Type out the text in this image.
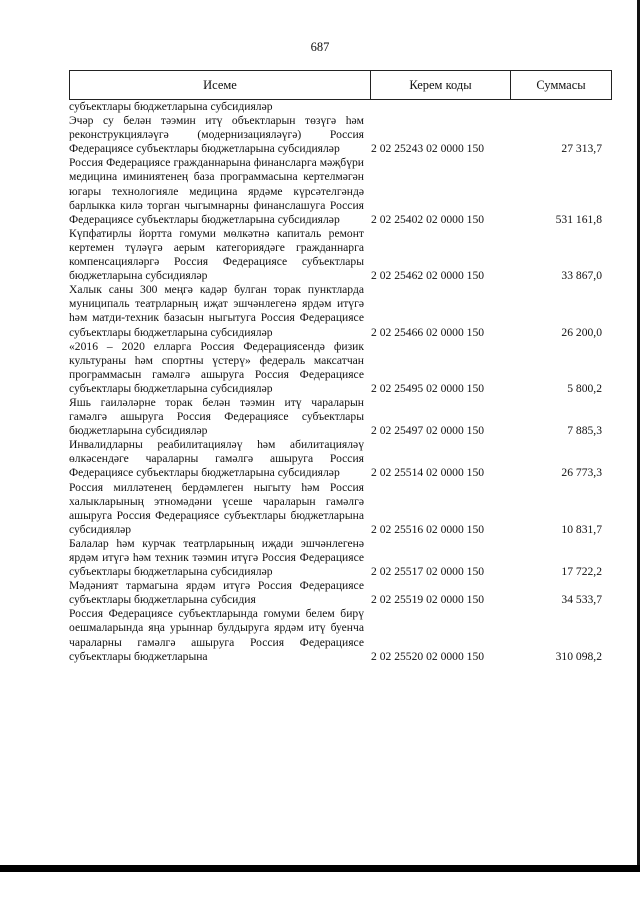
687
Исеме	Керем коды	Суммасы
субъектлары бюджетларына субсидияләр
Эчәр су белән тәэмин итү объектларын төзүгә һәм реконструкцияләүгә (модернизацияләүгә) Россия Федерациясе субъектлары бюджетларына субсидияләр	2 02 25243 02 0000 150	27 313,7
Россия Федерациясе гражданнарына финансларга мәҗбүри медицина иминиятенең база программасына кертелмәгән югары технологияле медицина ярдәме күрсәтелгәндә барлыкка килә торган чыгымнарны финанслашуга Россия Федерациясе субъектлары бюджетларына субсидияләр	2 02 25402 02 0000 150	531 161,8
Күпфатирлы йортта гомуми мөлкәтнә капиталь ремонт кертемен түләүгә аерым категориядәге гражданнарга компенсацияләргә Россия Федерациясе субъектлары бюджетларына субсидияләр	2 02 25462 02 0000 150	33 867,0
Халык саны 300 меңгә кадәр булган торак пунктларда муниципаль театрларның иҗат эшчәнлегенә ярдәм итүгә һәм матди-техник базасын ныгытуга Россия Федерациясе субъектлары бюджетларына субсидияләр	2 02 25466 02 0000 150	26 200,0
«2016 – 2020 елларга Россия Федерациясендә физик культураны һәм спортны үстерү» федераль максатчан программасын гамәлгә ашыруга Россия Федерациясе субъектлары бюджетларына субсидияләр	2 02 25495 02 0000 150	5 800,2
Яшь гаиләләрне торак белән тәэмин итү чараларын гамәлгә ашыруга Россия Федерациясе субъектлары бюджетларына субсидияләр	2 02 25497 02 0000 150	7 885,3
Инвалидларны реабилитацияләү һәм абилитацияләү өлкәсендәге чараларны гамәлгә ашыруга Россия Федерациясе субъектлары бюджетларына субсидияләр	2 02 25514 02 0000 150	26 773,3
Россия милләтенең бердәмлеген ныгыту һәм Россия халыкларының этномәдәни үсеше чараларын гамәлгә ашыруга Россия Федерациясе субъектлары бюджетларына субсидияләр	2 02 25516 02 0000 150	10 831,7
Балалар һәм курчак театрларының иҗади эшчәнлегенә ярдәм итүгә һәм техник тәэмин итүгә Россия Федерациясе субъектлары бюджетларына субсидияләр	2 02 25517 02 0000 150	17 722,2
Мәдәният тармагына ярдәм итүгә Россия Федерациясе субъектлары бюджетларына субсидия	2 02 25519 02 0000 150	34 533,7
Россия Федерациясе субъектларында гомуми белем бирү оешмаларында яңа урыннар булдыруга ярдәм итү буенча чараларны гамәлгә ашыруга Россия Федерациясе субъектлары бюджетларына	2 02 25520 02 0000 150	310 098,2
